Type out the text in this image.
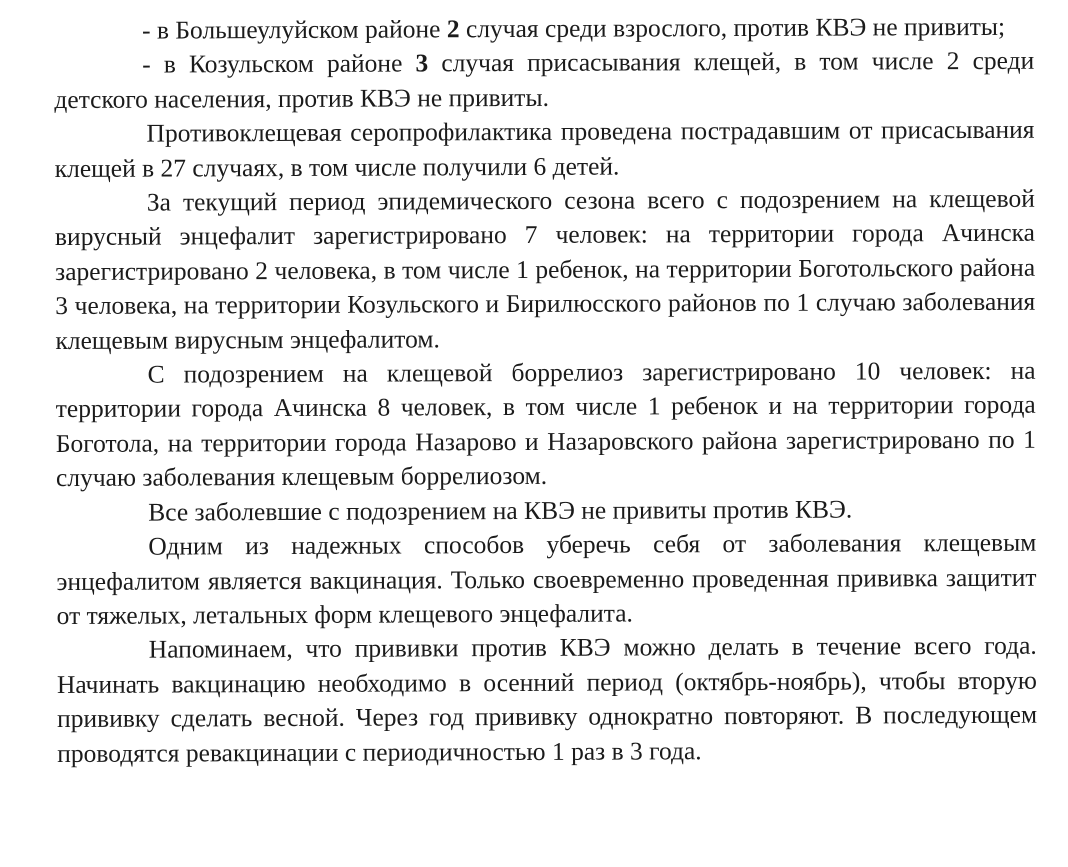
- в Большеулуйском районе 2 случая среди взрослого, против КВЭ не привиты;

- в Козульском районе 3 случая присасывания клещей, в том числе 2 среди детского населения, против КВЭ не привиты.

Противоклещевая серопрофилактика проведена пострадавшим от присасывания клещей в 27 случаях, в том числе получили 6 детей.

За текущий период эпидемического сезона всего с подозрением на клещевой вирусный энцефалит зарегистрировано 7 человек: на территории города Ачинска зарегистрировано 2 человека, в том числе 1 ребенок, на территории Боготольского района 3 человека, на территории Козульского и Бирилюсского районов по 1 случаю заболевания клещевым вирусным энцефалитом.

С подозрением на клещевой боррелиоз зарегистрировано 10 человек: на территории города Ачинска 8 человек, в том числе 1 ребенок и на территории города Боготола, на территории города Назарово и Назаровского района зарегистрировано по 1 случаю заболевания клещевым боррелиозом.

Все заболевшие с подозрением на КВЭ не привиты против КВЭ.

Одним из надежных способов уберечь себя от заболевания клещевым энцефалитом является вакцинация. Только своевременно проведенная прививка защитит от тяжелых, летальных форм клещевого энцефалита.

Напоминаем, что прививки против КВЭ можно делать в течение всего года. Начинать вакцинацию необходимо в осенний период (октябрь-ноябрь), чтобы вторую прививку сделать весной. Через год прививку однократно повторяют. В последующем проводятся ревакцинации с периодичностью 1 раз в 3 года.
